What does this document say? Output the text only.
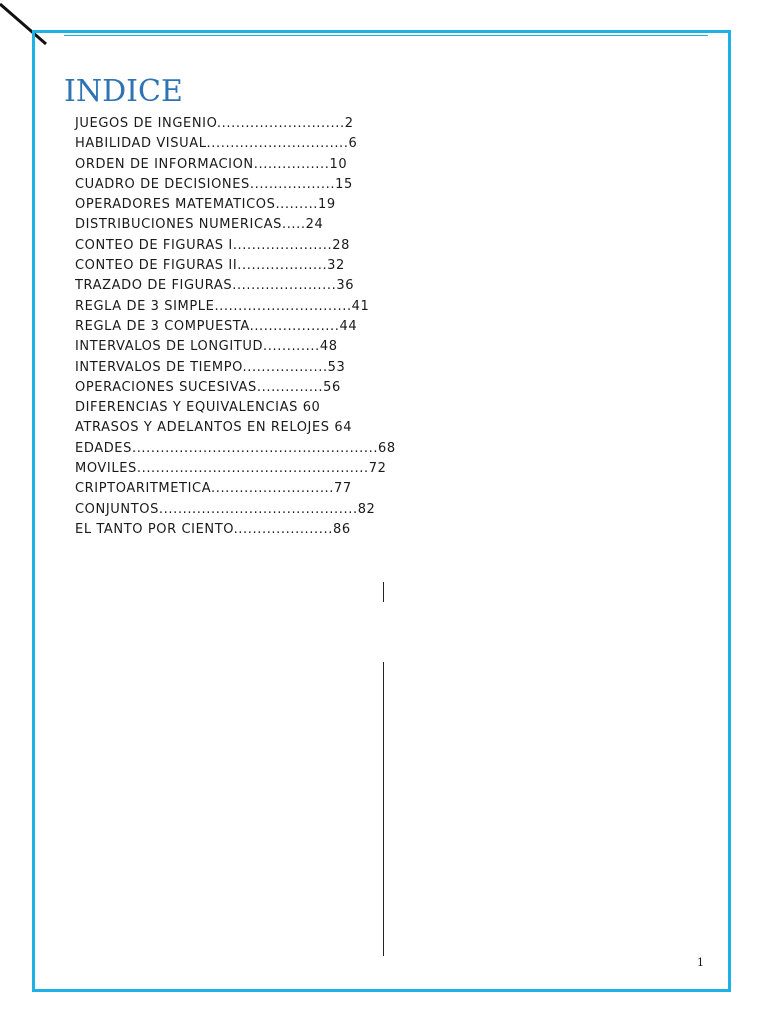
INDICE
JUEGOS DE INGENIO...........................2
HABILIDAD VISUAL..............................6
ORDEN DE INFORMACION................10
CUADRO DE DECISIONES..................15
OPERADORES MATEMATICOS.........19
DISTRIBUCIONES NUMERICAS.....24
CONTEO DE FIGURAS I.....................28
CONTEO DE FIGURAS II...................32
TRAZADO DE FIGURAS......................36
REGLA DE 3 SIMPLE.............................41
REGLA DE 3 COMPUESTA...................44
INTERVALOS DE LONGITUD............48
INTERVALOS DE TIEMPO..................53
OPERACIONES SUCESIVAS..............56
DIFERENCIAS Y EQUIVALENCIAS 60
ATRASOS Y ADELANTOS EN RELOJES 64
EDADES....................................................68
MOVILES.................................................72
CRIPTOARITMETICA..........................77
CONJUNTOS..........................................82
EL TANTO POR CIENTO.....................86
1
